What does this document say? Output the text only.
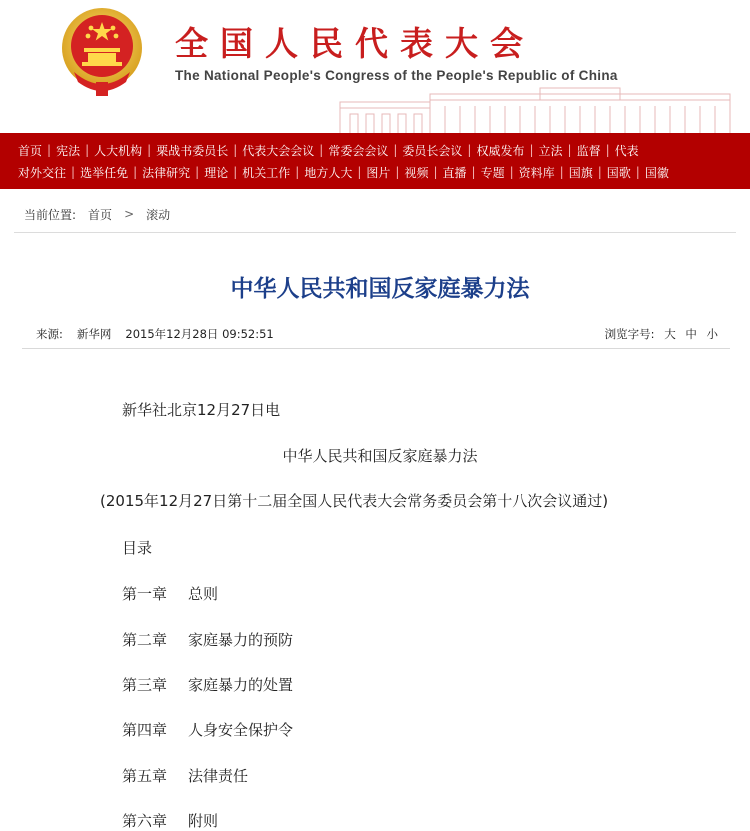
全国人民代表大会
The National People's Congress of the People's Republic of China
首页 | 宪法 | 人大机构 | 栗战书委员长 | 代表大会会议 | 常委会会议 | 委员长会议 | 权威发布 | 立法 | 监督 | 代表
对外交往 | 选举任免 | 法律研究 | 理论 | 机关工作 | 地方人大 | 图片 | 视频 | 直播 | 专题 | 资料库 | 国旗 | 国歌 | 国徽
当前位置: 首页 > 滚动
中华人民共和国反家庭暴力法
来源: 新华网 2015年12月28日 09:52:51	浏览字号: 大 中 小
新华社北京12月27日电
中华人民共和国反家庭暴力法
(2015年12月27日第十二届全国人民代表大会常务委员会第十八次会议通过)
目录
第一章 总则
第二章 家庭暴力的预防
第三章 家庭暴力的处置
第四章 人身安全保护令
第五章 法律责任
第六章 附则
